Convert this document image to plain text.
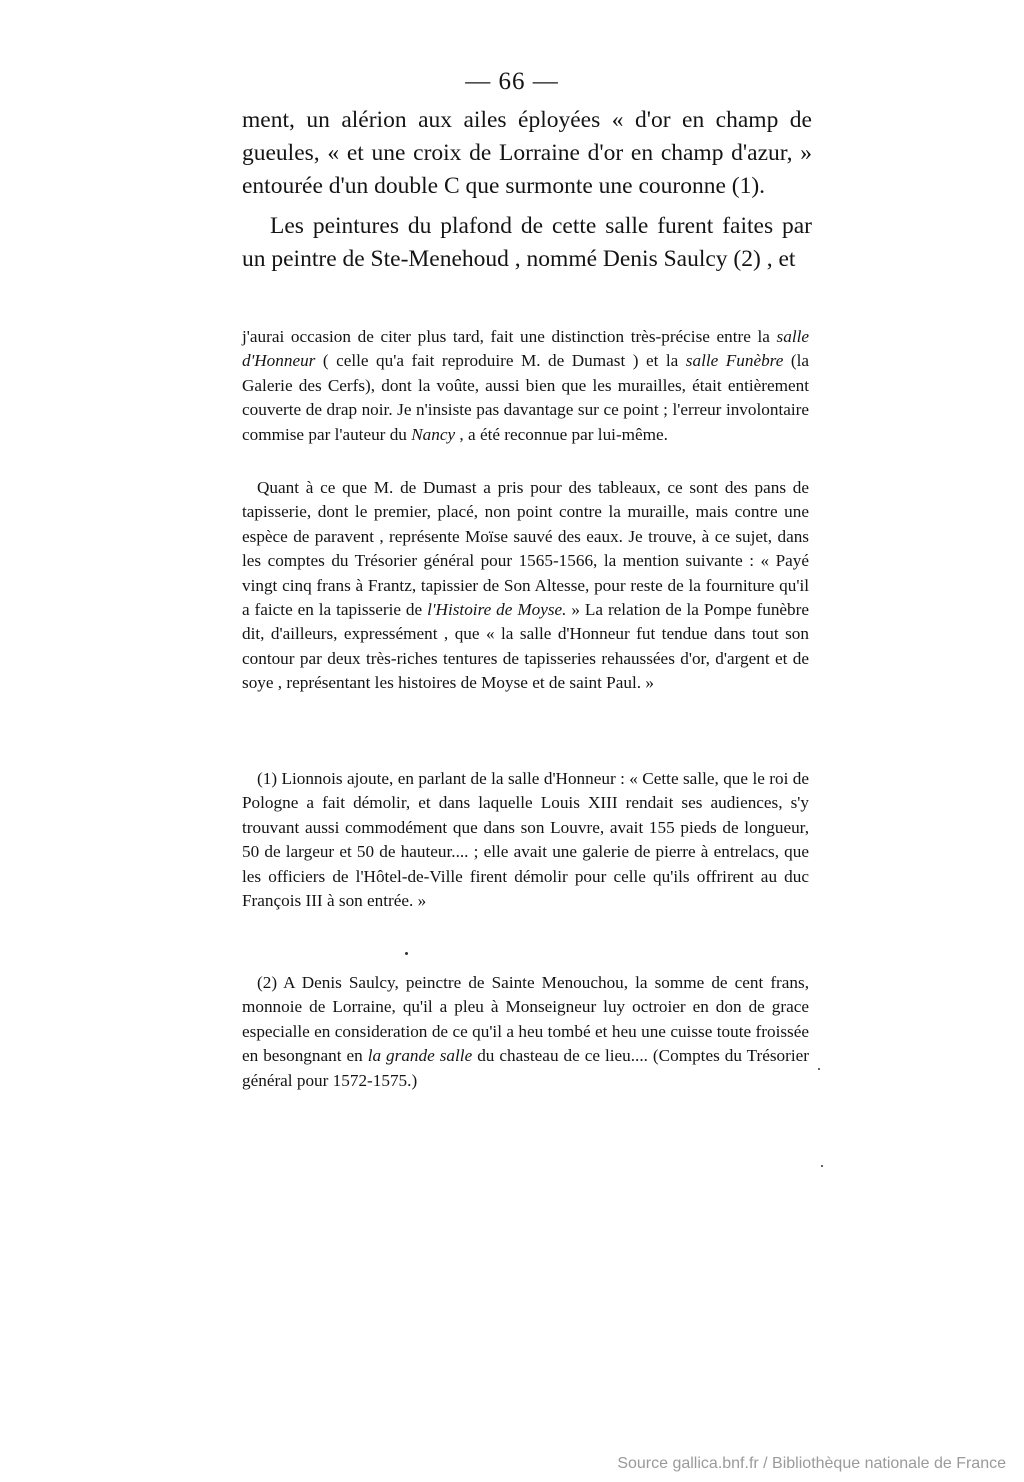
— 66 —

ment, un alérion aux ailes éployées « d'or en champ de gueules, « et une croix de Lorraine d'or en champ d'azur, » entourée d'un double C que surmonte une couronne (1).

Les peintures du plafond de cette salle furent faites par un peintre de Ste-Menehoud , nommé Denis Saulcy (2) , et

j'aurai occasion de citer plus tard, fait une distinction très-précise entre la salle d'Honneur ( celle qu'a fait reproduire M. de Dumast ) et la salle Funèbre (la Galerie des Cerfs), dont la voûte, aussi bien que les murailles, était entièrement couverte de drap noir. Je n'insiste pas davantage sur ce point ; l'erreur involontaire commise par l'auteur du Nancy , a été reconnue par lui-même.

Quant à ce que M. de Dumast a pris pour des tableaux, ce sont des pans de tapisserie, dont le premier, placé, non point contre la muraille, mais contre une espèce de paravent , représente Moïse sauvé des eaux. Je trouve, à ce sujet, dans les comptes du Trésorier général pour 1565-1566, la mention suivante : « Payé vingt cinq frans à Frantz, tapissier de Son Altesse, pour reste de la fourniture qu'il a faicte en la tapisserie de l'Histoire de Moyse. » La relation de la Pompe funèbre dit, d'ailleurs, expressément , que « la salle d'Honneur fut tendue dans tout son contour par deux très-riches tentures de tapisseries rehaussées d'or, d'argent et de soye , représentant les histoires de Moyse et de saint Paul. »

(1) Lionnois ajoute, en parlant de la salle d'Honneur : « Cette salle, que le roi de Pologne a fait démolir, et dans laquelle Louis XIII rendait ses audiences, s'y trouvant aussi commodément que dans son Louvre, avait 155 pieds de longueur, 50 de largeur et 50 de hauteur.... ; elle avait une galerie de pierre à entrelacs, que les officiers de l'Hôtel-de-Ville firent démolir pour celle qu'ils offrirent au duc François III à son entrée. »

(2) A Denis Saulcy, peinctre de Sainte Menouchou, la somme de cent frans, monnoie de Lorraine, qu'il a pleu à Monseigneur luy octroier en don de grace especialle en consideration de ce qu'il a heu tombé et heu une cuisse toute froissée en besongnant en la grande salle du chasteau de ce lieu.... (Comptes du Trésorier général pour 1572-1575.)

Source gallica.bnf.fr / Bibliothèque nationale de France
